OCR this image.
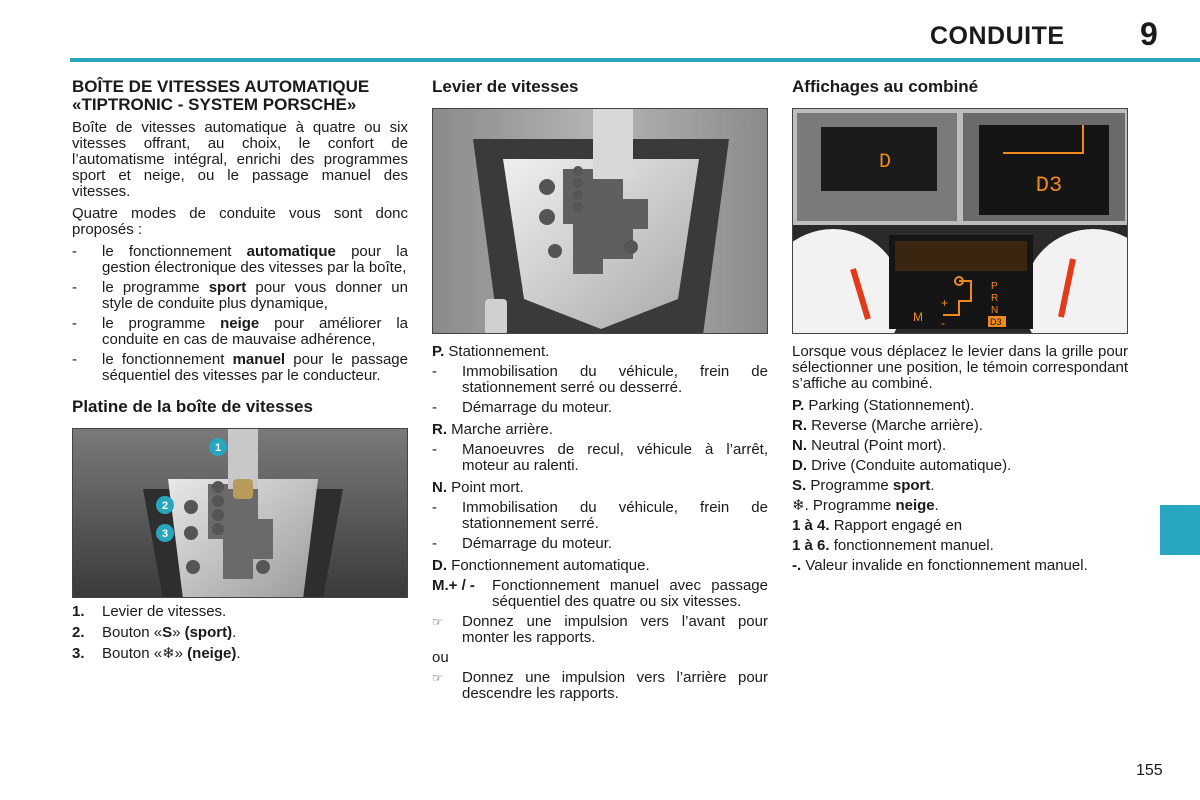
CONDUITE 9
155
BOÎTE DE VITESSES AUTOMATIQUE «TIPTRONIC - SYSTEM PORSCHE»

Boîte de vitesses automatique à quatre ou six vitesses offrant, au choix, le confort de l’automatisme intégral, enrichi des programmes sport et neige, ou le passage manuel des vitesses.

Quatre modes de conduite vous sont donc proposés :

- le fonctionnement automatique pour la gestion électronique des vitesses par la boîte,
- le programme sport pour vous donner un style de conduite plus dynamique,
- le programme neige pour améliorer la conduite en cas de mauvaise adhérence,
- le fonctionnement manuel pour le passage séquentiel des vitesses par le conducteur.
Platine de la boîte de vitesses
1
2
3
1.	Levier de vitesses.
2.	Bouton «S» (sport).
3.	Bouton «❄» (neige).
Levier de vitesses
P. Stationnement.
- Immobilisation du véhicule, frein de stationnement serré ou desserré.
- Démarrage du moteur.
R. Marche arrière.
- Manoeuvres de recul, véhicule à l’arrêt, moteur au ralenti.
N. Point mort.
- Immobilisation du véhicule, frein de stationnement serré.
- Démarrage du moteur.
D. Fonctionnement automatique.
M.+ / -	Fonctionnement manuel avec passage séquentiel des quatre ou six vitesses.
☞ Donnez une impulsion vers l’avant pour monter les rapports.
ou
☞ Donnez une impulsion vers l’arrière pour descendre les rapports.
Affichages au combiné
D
D3
P
R
N
D3
M
+
-

Lorsque vous déplacez le levier dans la grille pour sélectionner une position, le témoin correspondant s’affiche au combiné.

P. Parking (Stationnement).
R. Reverse (Marche arrière).
N. Neutral (Point mort).
D. Drive (Conduite automatique).
S. Programme sport.
❄. Programme neige.
1 à 4. Rapport engagé en
1 à 6. fonctionnement manuel.
-. Valeur invalide en fonctionnement manuel.
